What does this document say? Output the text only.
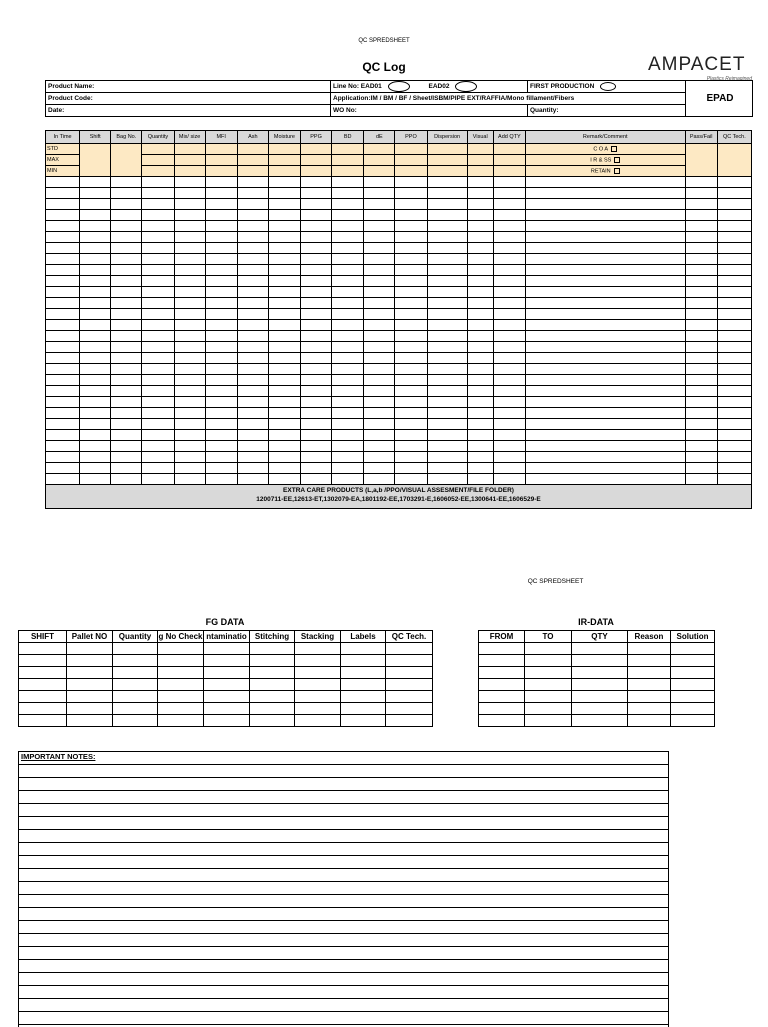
QC SPREDSHEET
QC Log	AMPACET
Plastics Reimagined
Product Name:	Line No: EAD01	EAD02	FIRST PRODUCTION	EPAD
Product Code:	Application:IM / BM / BF / Sheet/ISBM/PIPE EXT/RAFFIA/Mono fillament/Fibers			
Date:	WO No:		Quantity:	
In Time	Shift	Bag No.	Quantity	Mix/ size	MFI	Ash	Moisture	PPG	BD	dE	PPO	Dispersion	Visual	Add QTY	Remark/Comment	Pass/Fail	QC Tech.
STD															C O A		
MAX															I R & SS		
MIN															RETAIN		

EXTRA CARE PRODUCTS (L,a,b /PPO/VISUAL ASSESMENT/FILE FOLDER)
1200711-EE,12613-ET,1302079-EA,1801192-EE,1703291-E,1606052-EE,1300641-EE,1606529-E
QC SPREDSHEET
FG DATA
SHIFT	Pallet NO	Quantity	g No Check	ntaminatio	Stitching	Stacking	Labels	QC Tech.

IR-DATA
FROM	TO	QTY	Reason	Solution

IMPORTANT NOTES:
